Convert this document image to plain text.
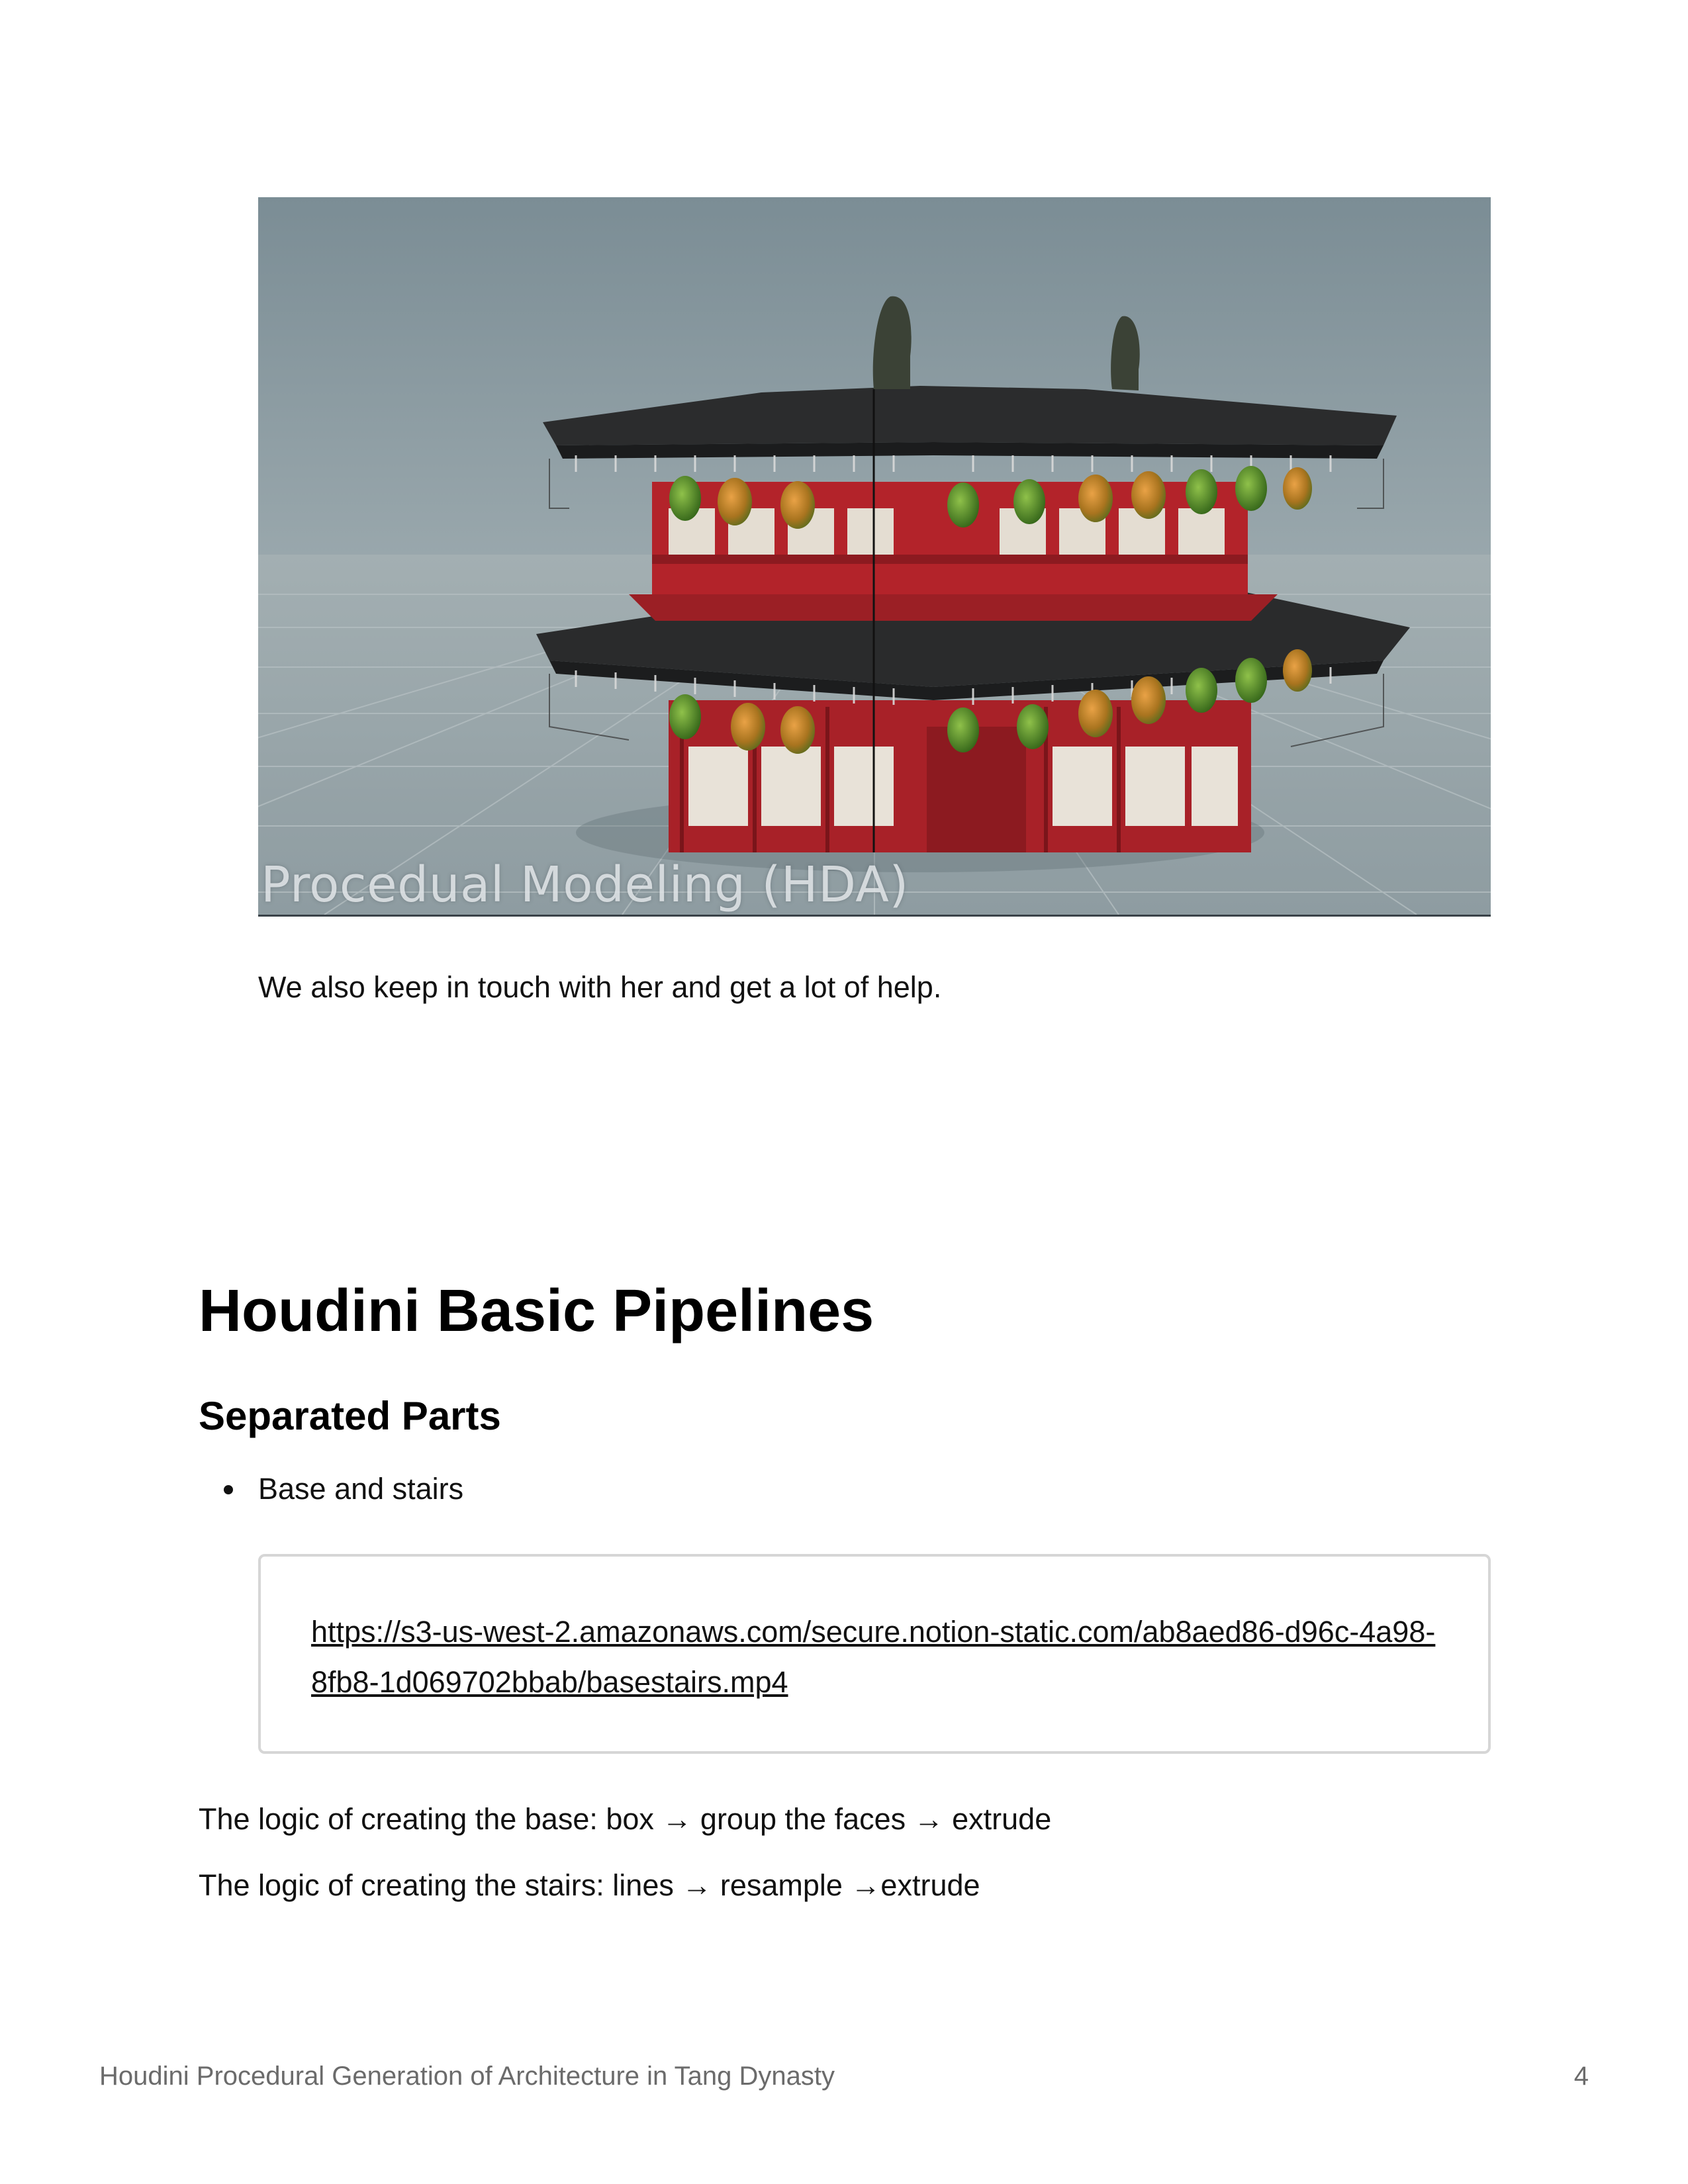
Procedual Modeling (HDA)

We also keep in touch with her and get a lot of help.

Houdini Basic Pipelines
Separated Parts
Base and stairs
https://s3-us-west-2.amazonaws.com/secure.notion-static.com/ab8aed86-d96c-4a98-8fb8-1d069702bbab/basestairs.mp4

The logic of creating the base: box → group the faces → extrude

The logic of creating the stairs: lines → resample →extrude

Houdini Procedural Generation of Architecture in Tang Dynasty	4
